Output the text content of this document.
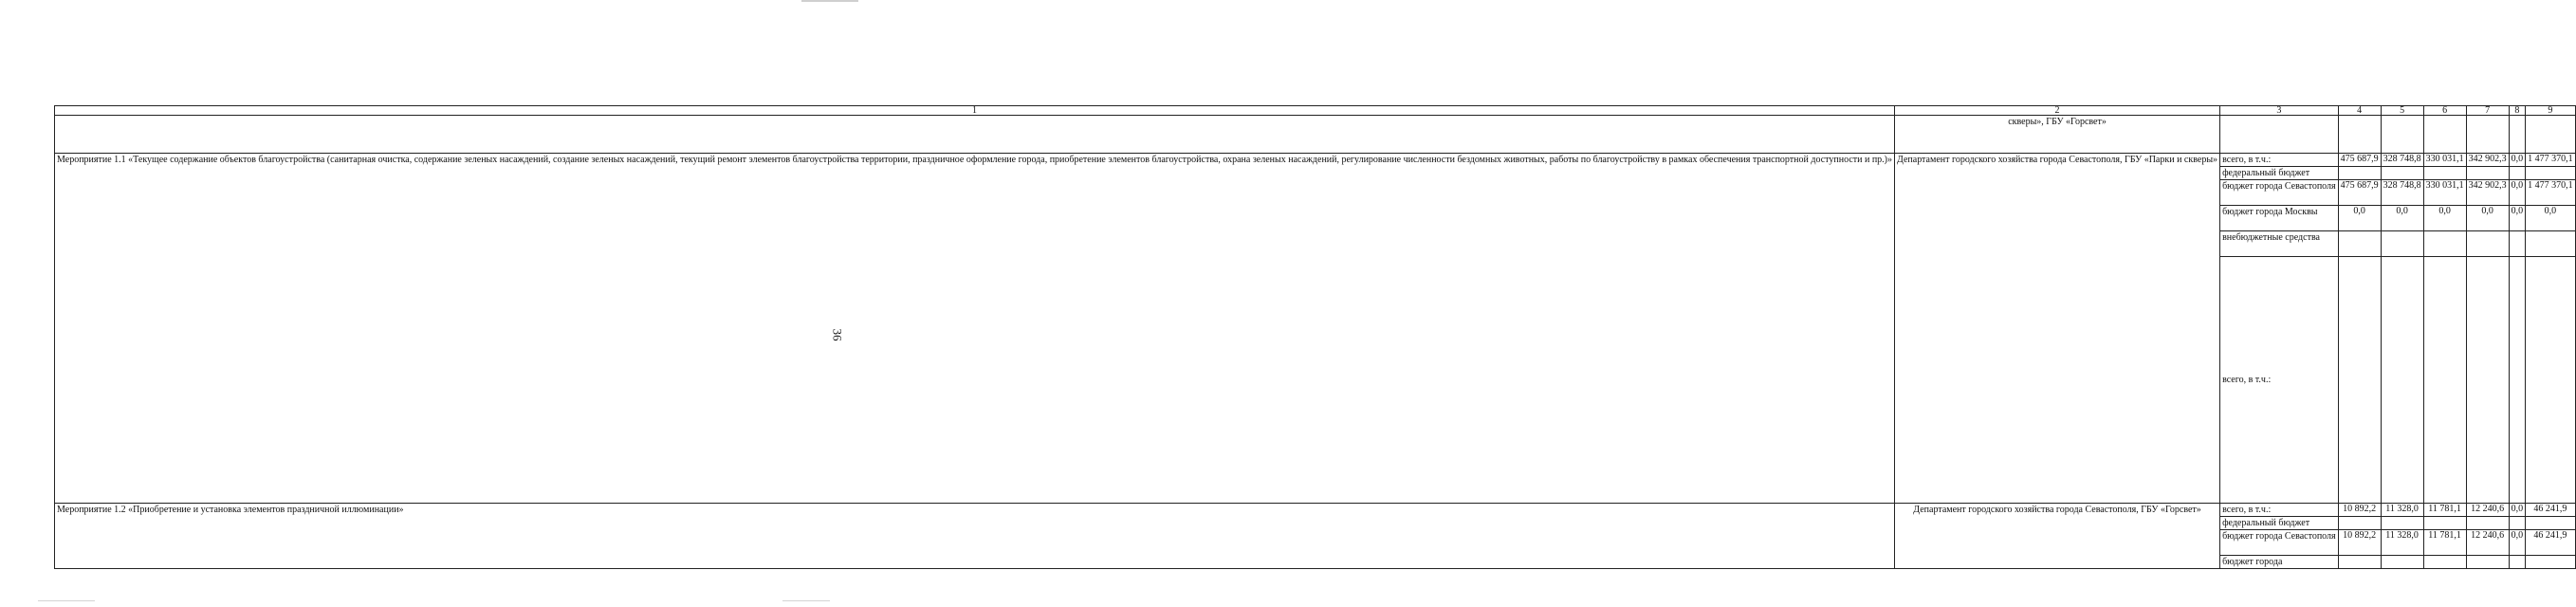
1	2	3	4	5	6	7	8	9
	скверы», ГБУ «Горсвет»							
Мероприятие 1.1 «Текущее содержание объектов благоустройства (санитарная очистка, содержание зеленых насаждений, создание зеленых насаждений, текущий ремонт элементов благоустройства территории, праздничное оформление города, приобретение элементов благоустройства, охрана зеленых насаждений, регулирование численности бездомных животных, работы по благоустройству в рамках обеспечения транспортной доступности и пр.)»	Департамент городского хозяйства города Севастополя, ГБУ «Парки и скверы»	всего, в т.ч.:	475 687,9	328 748,8	330 031,1	342 902,3	0,0	1 477 370,1
		федеральный бюджет						
		бюджет города Севастополя	475 687,9	328 748,8	330 031,1	342 902,3	0,0	1 477 370,1
		бюджет города Москвы	0,0	0,0	0,0	0,0	0,0	0,0
		внебюджетные средства						
		всего, в т.ч.:						
Мероприятие 1.2 «Приобретение и установка элементов праздничной иллюминации»	Департамент городского хозяйства города Севастополя, ГБУ «Горсвет»	всего, в т.ч.:	10 892,2	11 328,0	11 781,1	12 240,6	0,0	46 241,9
		федеральный бюджет						
		бюджет города Севастополя	10 892,2	11 328,0	11 781,1	12 240,6	0,0	46 241,9
		бюджет города						
36
